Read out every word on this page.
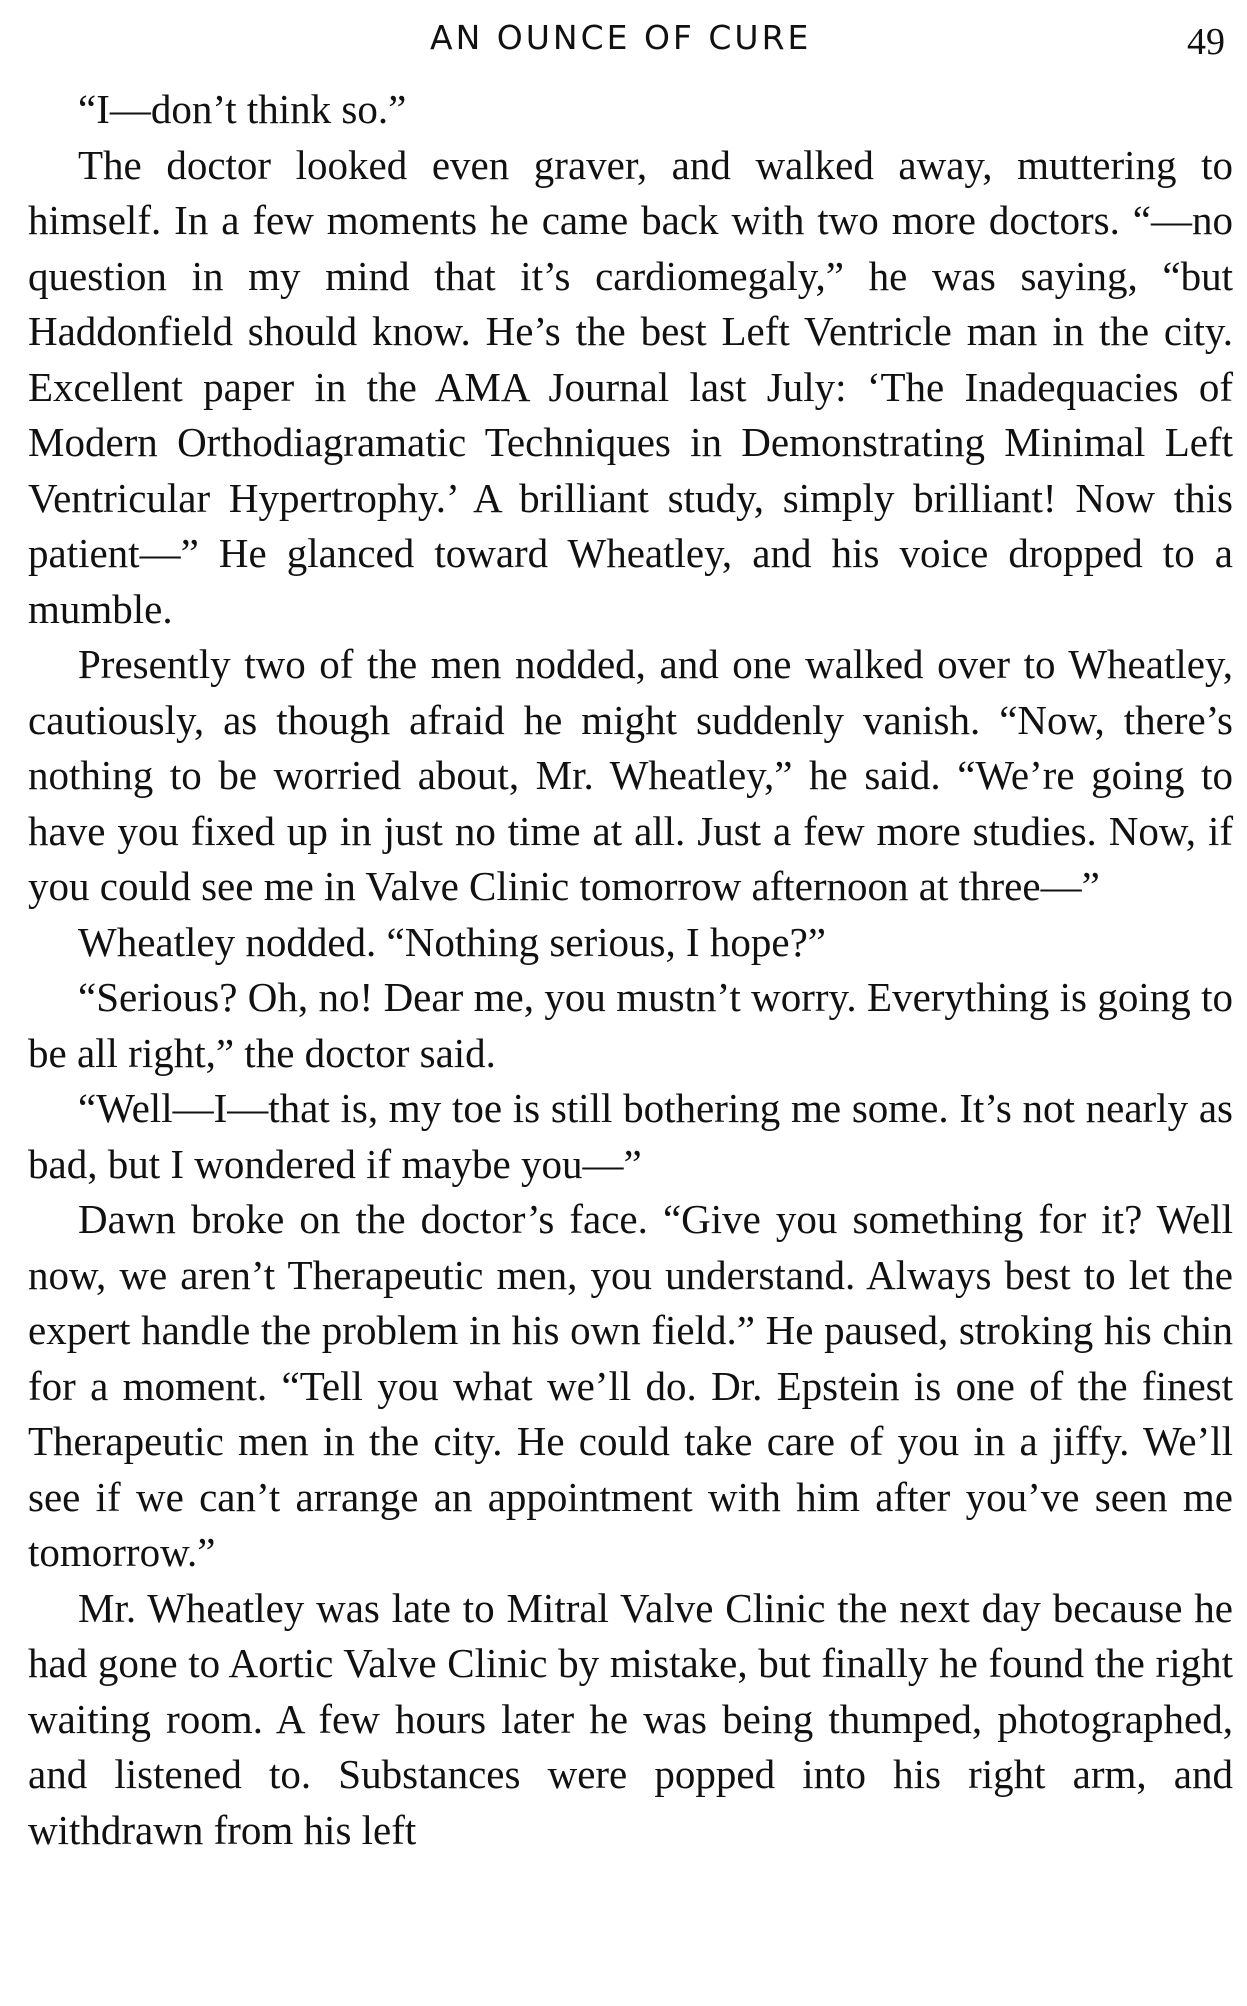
AN OUNCE OF CURE	49

“I—don’t think so.”

The doctor looked even graver, and walked away, muttering to himself. In a few moments he came back with two more doctors. “—no question in my mind that it’s cardiomegaly,” he was saying, “but Haddonfield should know. He’s the best Left Ventricle man in the city. Excellent paper in the AMA Journal last July: ‘The Inadequacies of Modern Orthodiagramatic Techniques in Demonstrating Minimal Left Ventricular Hypertrophy.’ A brilliant study, simply brilliant! Now this patient—” He glanced toward Wheatley, and his voice dropped to a mumble.

Presently two of the men nodded, and one walked over to Wheatley, cautiously, as though afraid he might suddenly vanish. “Now, there’s nothing to be worried about, Mr. Wheatley,” he said. “We’re going to have you fixed up in just no time at all. Just a few more studies. Now, if you could see me in Valve Clinic tomorrow afternoon at three—”

Wheatley nodded. “Nothing serious, I hope?”

“Serious? Oh, no! Dear me, you mustn’t worry. Everything is going to be all right,” the doctor said.

“Well—I—that is, my toe is still bothering me some. It’s not nearly as bad, but I wondered if maybe you—”

Dawn broke on the doctor’s face. “Give you something for it? Well now, we aren’t Therapeutic men, you understand. Always best to let the expert handle the problem in his own field.” He paused, stroking his chin for a moment. “Tell you what we’ll do. Dr. Epstein is one of the finest Therapeutic men in the city. He could take care of you in a jiffy. We’ll see if we can’t arrange an appointment with him after you’ve seen me tomorrow.”

Mr. Wheatley was late to Mitral Valve Clinic the next day because he had gone to Aortic Valve Clinic by mistake, but finally he found the right waiting room. A few hours later he was being thumped, photographed, and listened to. Substances were popped into his right arm, and withdrawn from his left
